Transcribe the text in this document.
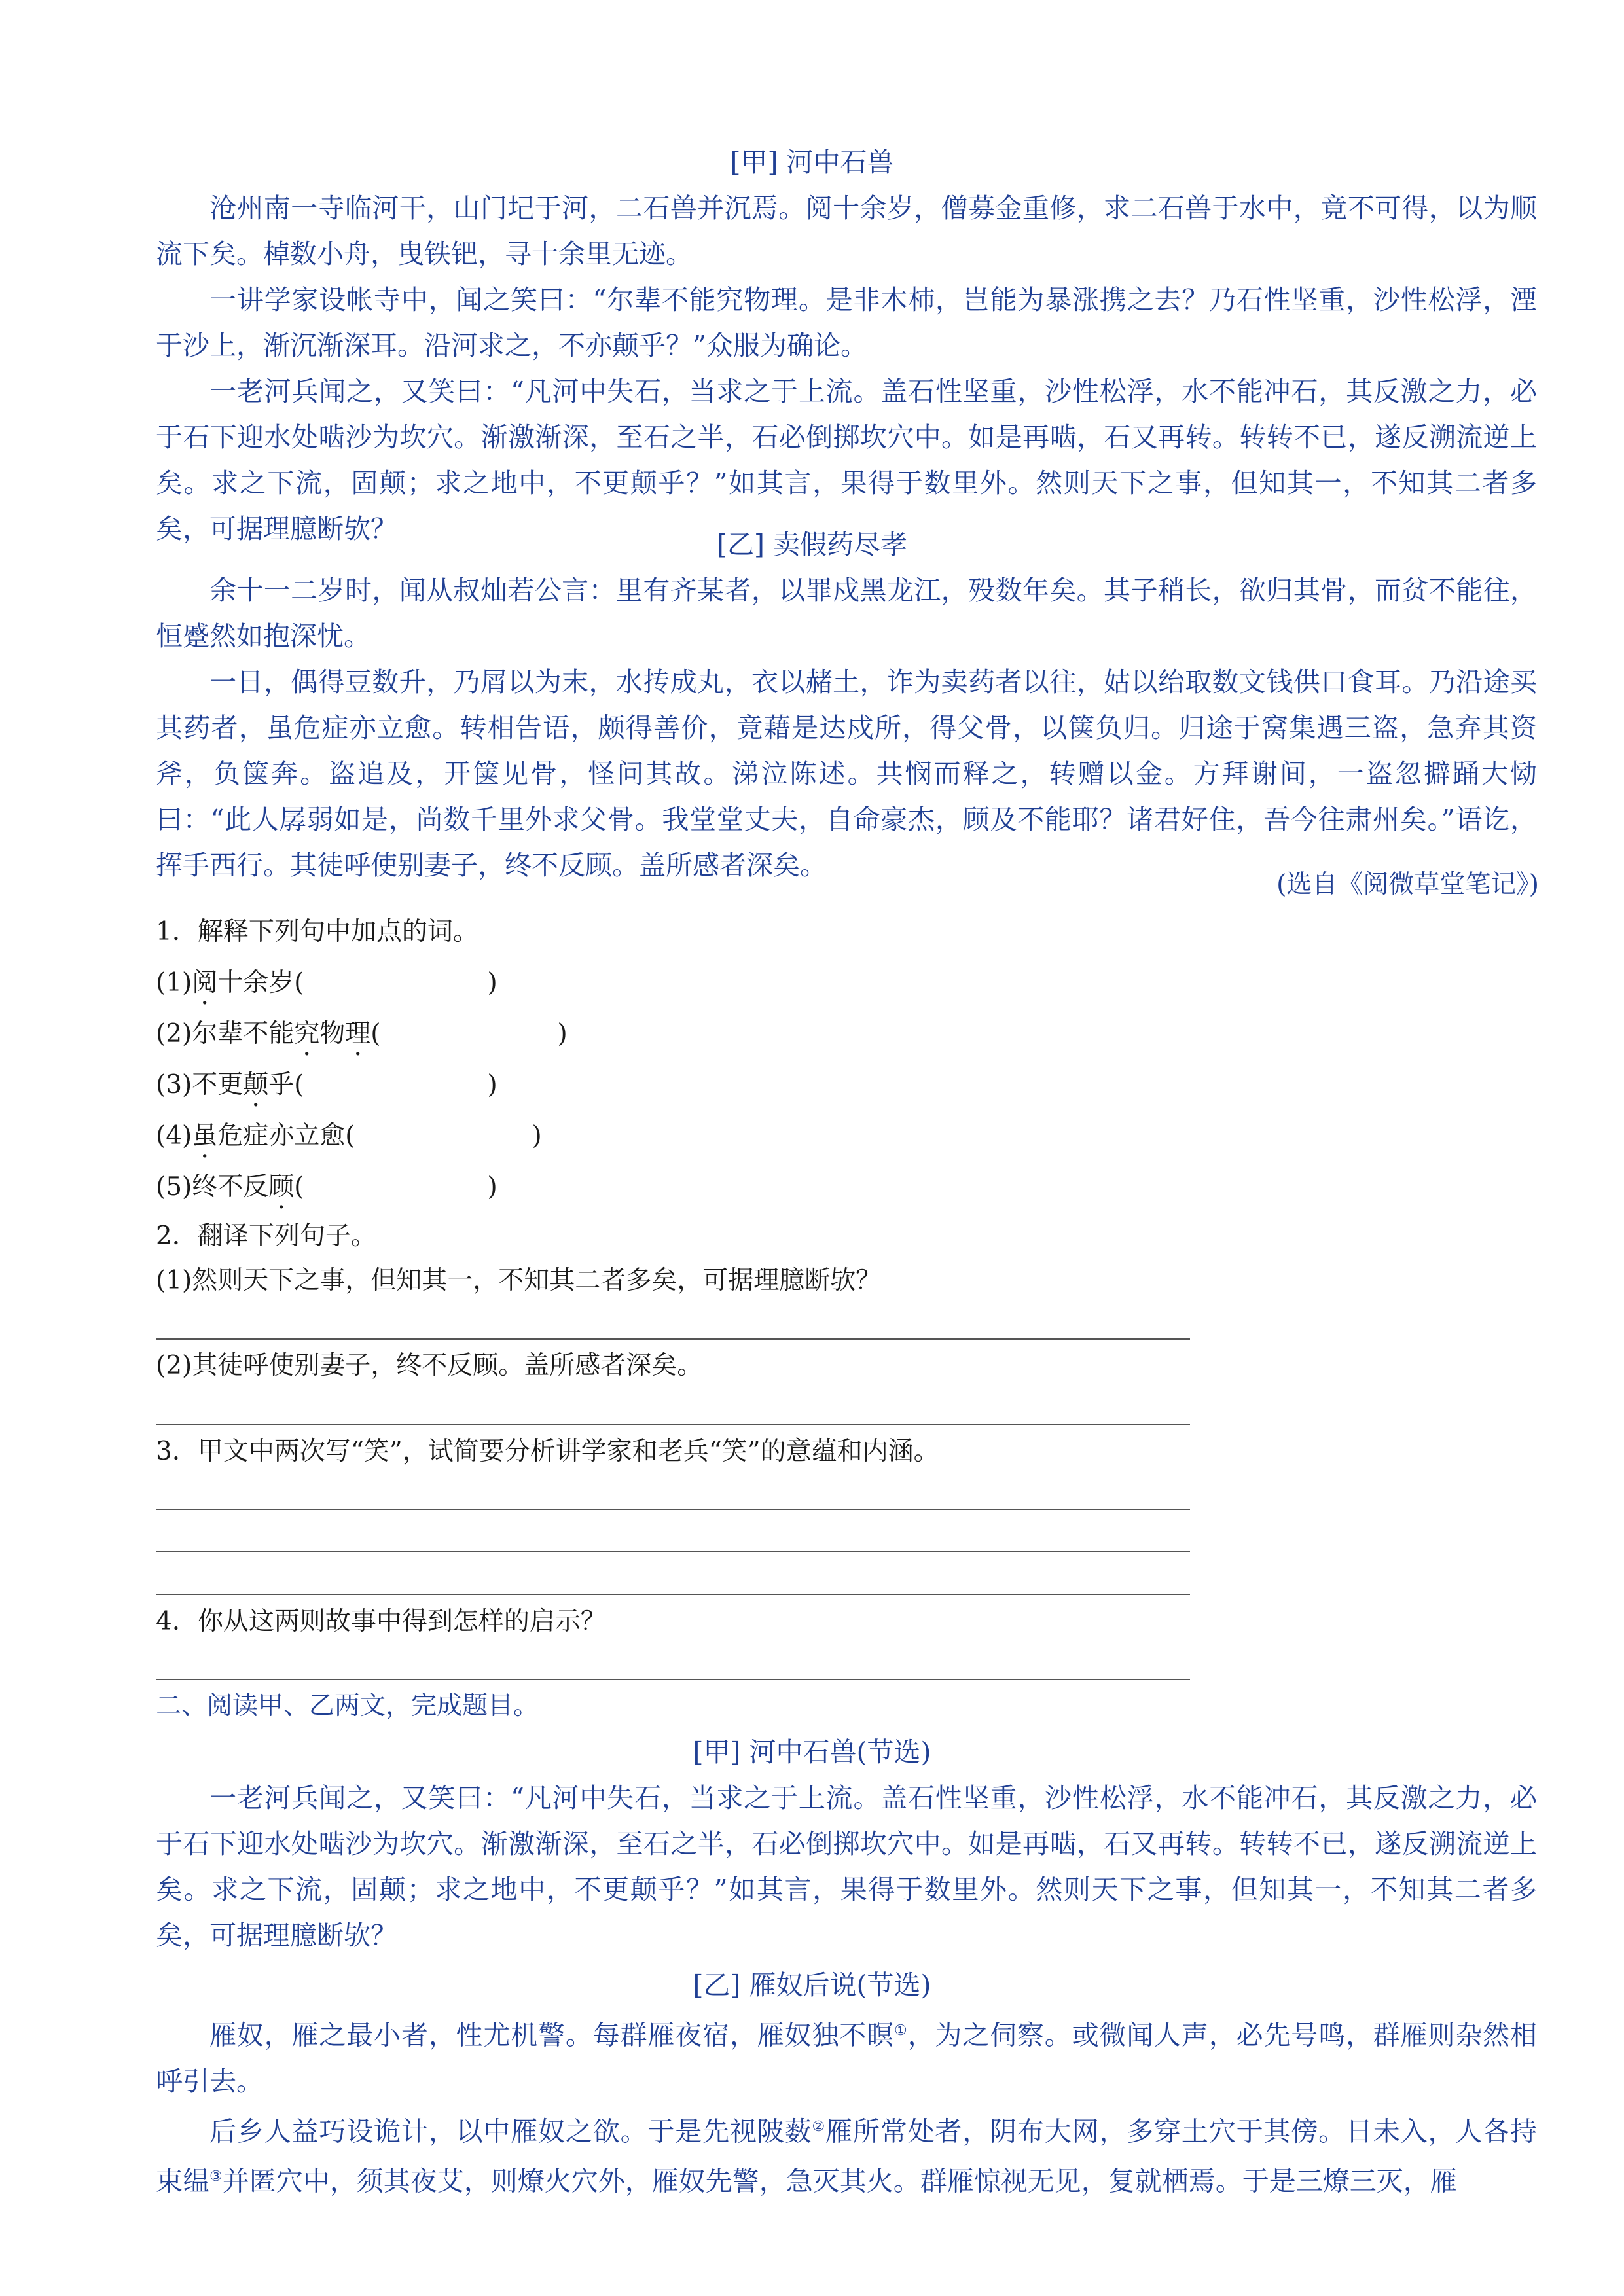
[甲] 河中石兽

沧州南一寺临河干，山门圮于河，二石兽并沉焉。阅十余岁，僧募金重修，求二石兽于水中，竟不可得，以为顺流下矣。棹数小舟，曳铁钯，寻十余里无迹。

一讲学家设帐寺中，闻之笑曰：“尔辈不能究物理。是非木杮，岂能为暴涨携之去？乃石性坚重，沙性松浮，湮于沙上，渐沉渐深耳。沿河求之，不亦颠乎？”众服为确论。

一老河兵闻之，又笑曰：“凡河中失石，当求之于上流。盖石性坚重，沙性松浮，水不能冲石，其反激之力，必于石下迎水处啮沙为坎穴。渐激渐深，至石之半，石必倒掷坎穴中。如是再啮，石又再转。转转不已，遂反溯流逆上矣。求之下流，固颠；求之地中，不更颠乎？”如其言，果得于数里外。然则天下之事，但知其一，不知其二者多矣，可据理臆断欤？	[乙] 卖假药尽孝

余十一二岁时，闻从叔灿若公言：里有齐某者，以罪戍黑龙江，殁数年矣。其子稍长，欲归其骨，而贫不能往，恒蹙然如抱深忧。

一日，偶得豆数升，乃屑以为末，水抟成丸，衣以赭土，诈为卖药者以往，姑以绐取数文钱供口食耳。乃沿途买其药者，虽危症亦立愈。转相告语，颇得善价，竟藉是达戍所，得父骨，以箧负归。归途于窝集遇三盗，急弃其资斧，负箧奔。盗追及，开箧见骨，怪问其故。涕泣陈述。共悯而释之，转赠以金。方拜谢间，一盗忽擗踊大恸曰：“此人孱弱如是，尚数千里外求父骨。我堂堂丈夫，自命豪杰，顾及不能耶？诸君好住，吾今往肃州矣。”语讫，挥手西行。其徒呼使别妻子，终不反顾。盖所感者深矣。

(选自《阅微草堂笔记》)
1．解释下列句中加点的词。
(1)阅十余岁(	)
(2)尔辈不能究物理(	)
(3)不更颠乎(	)
(4)虽危症亦立愈(	)
(5)终不反顾(	)
2．翻译下列句子。
(1)然则天下之事，但知其一，不知其二者多矣，可据理臆断欤？
(2)其徒呼使别妻子，终不反顾。盖所感者深矣。
3．甲文中两次写“笑”，试简要分析讲学家和老兵“笑”的意蕴和内涵。
4．你从这两则故事中得到怎样的启示？
二、阅读甲、乙两文，完成题目。
[甲] 河中石兽(节选)

一老河兵闻之，又笑曰：“凡河中失石，当求之于上流。盖石性坚重，沙性松浮，水不能冲石，其反激之力，必于石下迎水处啮沙为坎穴。渐激渐深，至石之半，石必倒掷坎穴中。如是再啮，石又再转。转转不已，遂反溯流逆上矣。求之下流，固颠；求之地中，不更颠乎？”如其言，果得于数里外。然则天下之事，但知其一，不知其二者多矣，可据理臆断欤？

[乙] 雁奴后说(节选)

雁奴，雁之最小者，性尤机警。每群雁夜宿，雁奴独不瞑①，为之伺察。或微闻人声，必先号鸣，群雁则杂然相呼引去。

后乡人益巧设诡计，以中雁奴之欲。于是先视陂薮②雁所常处者，阴布大网，多穿土穴于其傍。日未入，人各持束缊③并匿穴中，须其夜艾，则燎火穴外，雁奴先警，急灭其火。群雁惊视无见，复就栖焉。于是三燎三灭，雁
